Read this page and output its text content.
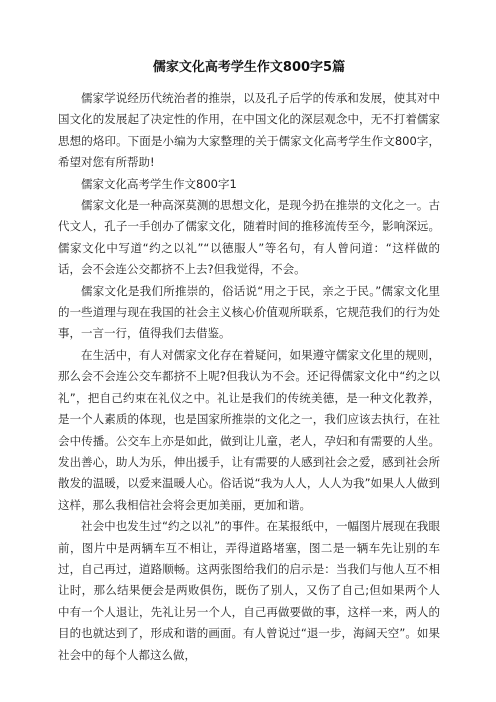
儒家文化高考学生作文800字5篇

儒家学说经历代统治者的推崇，以及孔子后学的传承和发展，使其对中国文化的发展起了决定性的作用，在中国文化的深层观念中，无不打着儒家思想的烙印。下面是小编为大家整理的关于儒家文化高考学生作文800字，希望对您有所帮助!

儒家文化高考学生作文800字1

儒家文化是一种高深莫测的思想文化，是现今扔在推崇的文化之一。古代文人，孔子一手创办了儒家文化，随着时间的推移流传至今，影响深远。儒家文化中写道“约之以礼”“以德服人”等名句，有人曾问道：“这样做的话，会不会连公交都挤不上去?但我觉得，不会。

儒家文化是我们所推崇的，俗话说“用之于民，亲之于民。”儒家文化里的一些道理与现在我国的社会主义核心价值观所联系，它规范我们的行为处事，一言一行，值得我们去借鉴。

在生活中，有人对儒家文化存在着疑问，如果遵守儒家文化里的规则，那么会不会连公交车都挤不上呢?但我认为不会。还记得儒家文化中“约之以礼”，把自己约束在礼仪之中。礼让是我们的传统美德，是一种文化教养，是一个人素质的体现，也是国家所推崇的文化之一，我们应该去执行，在社会中传播。公交车上亦是如此，做到让儿童，老人，孕妇和有需要的人坐。发出善心，助人为乐，伸出援手，让有需要的人感到社会之爱，感到社会所散发的温暖，以爱来温暖人心。俗话说“我为人人，人人为我”如果人人做到这样，那么我相信社会将会更加美丽，更加和谐。

社会中也发生过“约之以礼”的事件。在某报纸中，一幅图片展现在我眼前，图片中是两辆车互不相让，弄得道路堵塞，图二是一辆车先让别的车过，自己再过，道路顺畅。这两张图给我们的启示是：当我们与他人互不相让时，那么结果便会是两败俱伤，既伤了别人，又伤了自己;但如果两个人中有一个人退让，先礼让另一个人，自己再做要做的事，这样一来，两人的目的也就达到了，形成和谐的画面。有人曾说过“退一步，海阔天空”。如果社会中的每个人都这么做，
